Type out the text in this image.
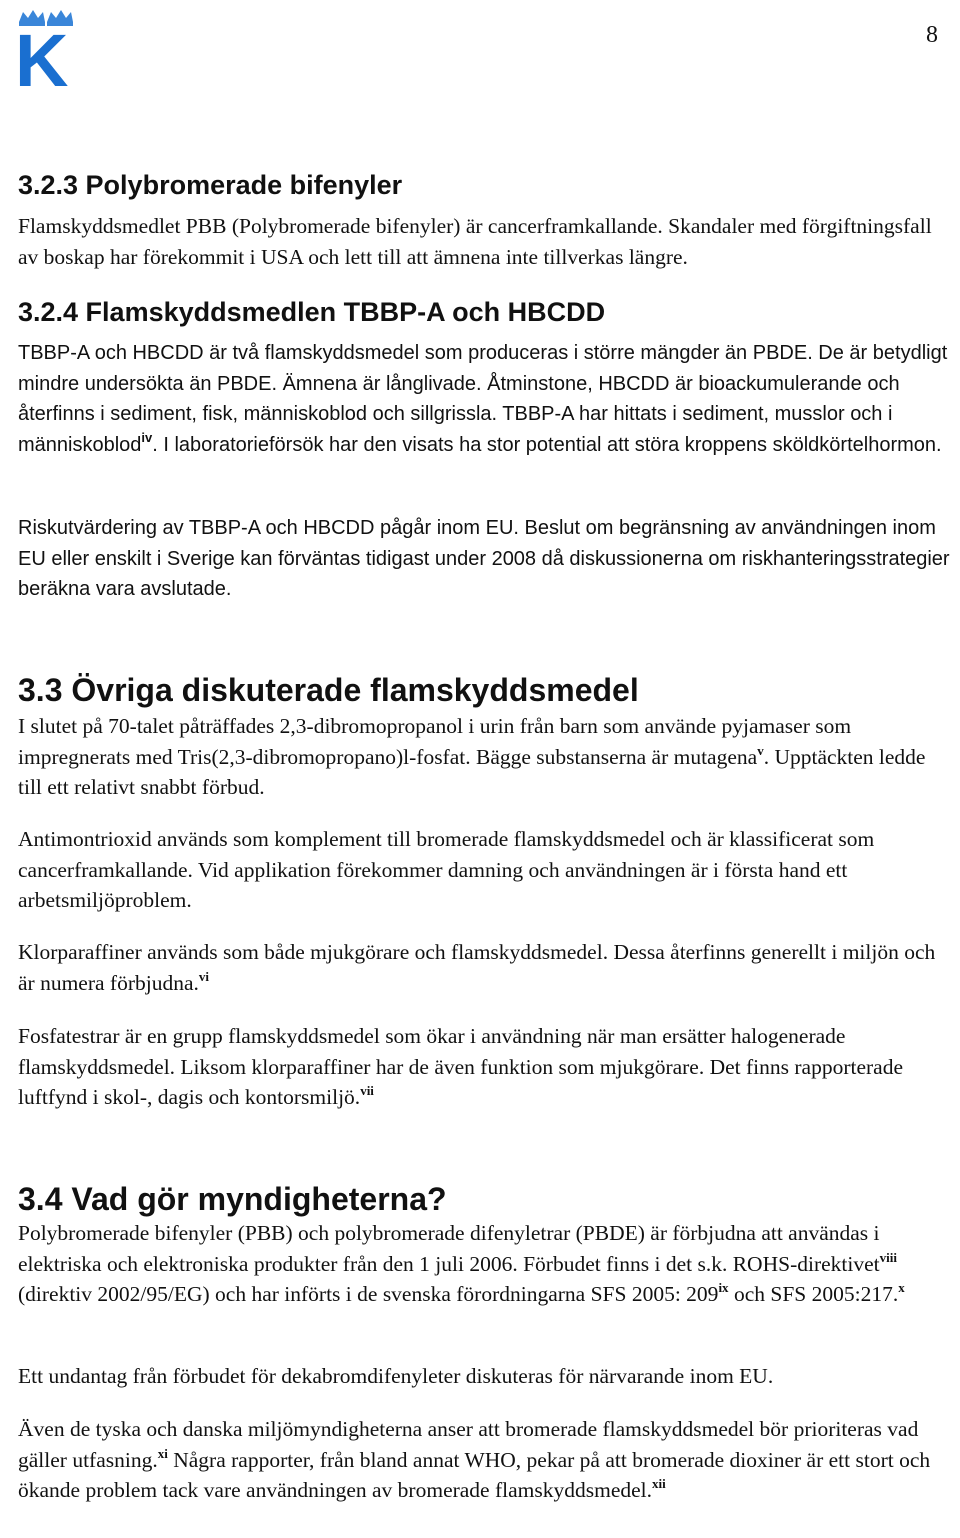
K	8
3.2.3 Polybromerade bifenyler

Flamskyddsmedlet PBB (Polybromerade bifenyler) är cancerframkallande. Skandaler med förgiftningsfall av boskap har förekommit i USA och lett till att ämnena inte tillverkas längre.

3.2.4 Flamskyddsmedlen TBBP-A och HBCDD

TBBP-A och HBCDD är två flamskyddsmedel som produceras i större mängder än PBDE. De är betydligt mindre undersökta än PBDE. Ämnena är långlivade. Åtminstone, HBCDD är bioackumulerande och återfinns i sediment, fisk, människoblod och sillgrissla. TBBP-A har hittats i sediment, musslor och i människoblod$^{iv}$. I laboratorieförsök har den visats ha stor potential att störa kroppens sköldkörtelhormon.

Riskutvärdering av TBBP-A och HBCDD pågår inom EU. Beslut om begränsning av användningen inom EU eller enskilt i Sverige kan förväntas tidigast under 2008 då diskussionerna om riskhanteringsstrategier beräkna vara avslutade.

3.3 Övriga diskuterade flamskyddsmedel

I slutet på 70-talet påträffades 2,3-dibromopropanol i urin från barn som använde pyjamaser som impregnerats med Tris(2,3-dibromopropano)l-fosfat. Bägge substanserna är mutagena$^v$. Upptäckten ledde till ett relativt snabbt förbud.

Antimontrioxid används som komplement till bromerade flamskyddsmedel och är klassificerat som cancerframkallande. Vid applikation förekommer damning och användningen är i första hand ett arbetsmiljöproblem.

Klorparaffiner används som både mjukgörare och flamskyddsmedel. Dessa återfinns generellt i miljön och är numera förbjudna.$^{vi}$

Fosfatestrar är en grupp flamskyddsmedel som ökar i användning när man ersätter halogenerade flamskyddsmedel. Liksom klorparaffiner har de även funktion som mjukgörare. Det finns rapporterade luftfynd i skol-, dagis och kontorsmiljö.$^{vii}$

3.4 Vad gör myndigheterna?

Polybromerade bifenyler (PBB) och polybromerade difenyletrar (PBDE) är förbjudna att användas i elektriska och elektroniska produkter från den 1 juli 2006. Förbudet finns i det s.k. ROHS-direktivet$^{viii}$ (direktiv 2002/95/EG) och har införts i de svenska förordningarna SFS 2005: 209$^{ix}$ och SFS 2005:217.$^x$

Ett undantag från förbudet för dekabromdifenyleter diskuteras för närvarande inom EU.

Även de tyska och danska miljömyndigheterna anser att bromerade flamskyddsmedel bör prioriteras vad gäller utfasning.$^{xi}$ Några rapporter, från bland annat WHO, pekar på att bromerade dioxiner är ett stort och ökande problem tack vare användningen av bromerade flamskyddsmedel.$^{xii}$
